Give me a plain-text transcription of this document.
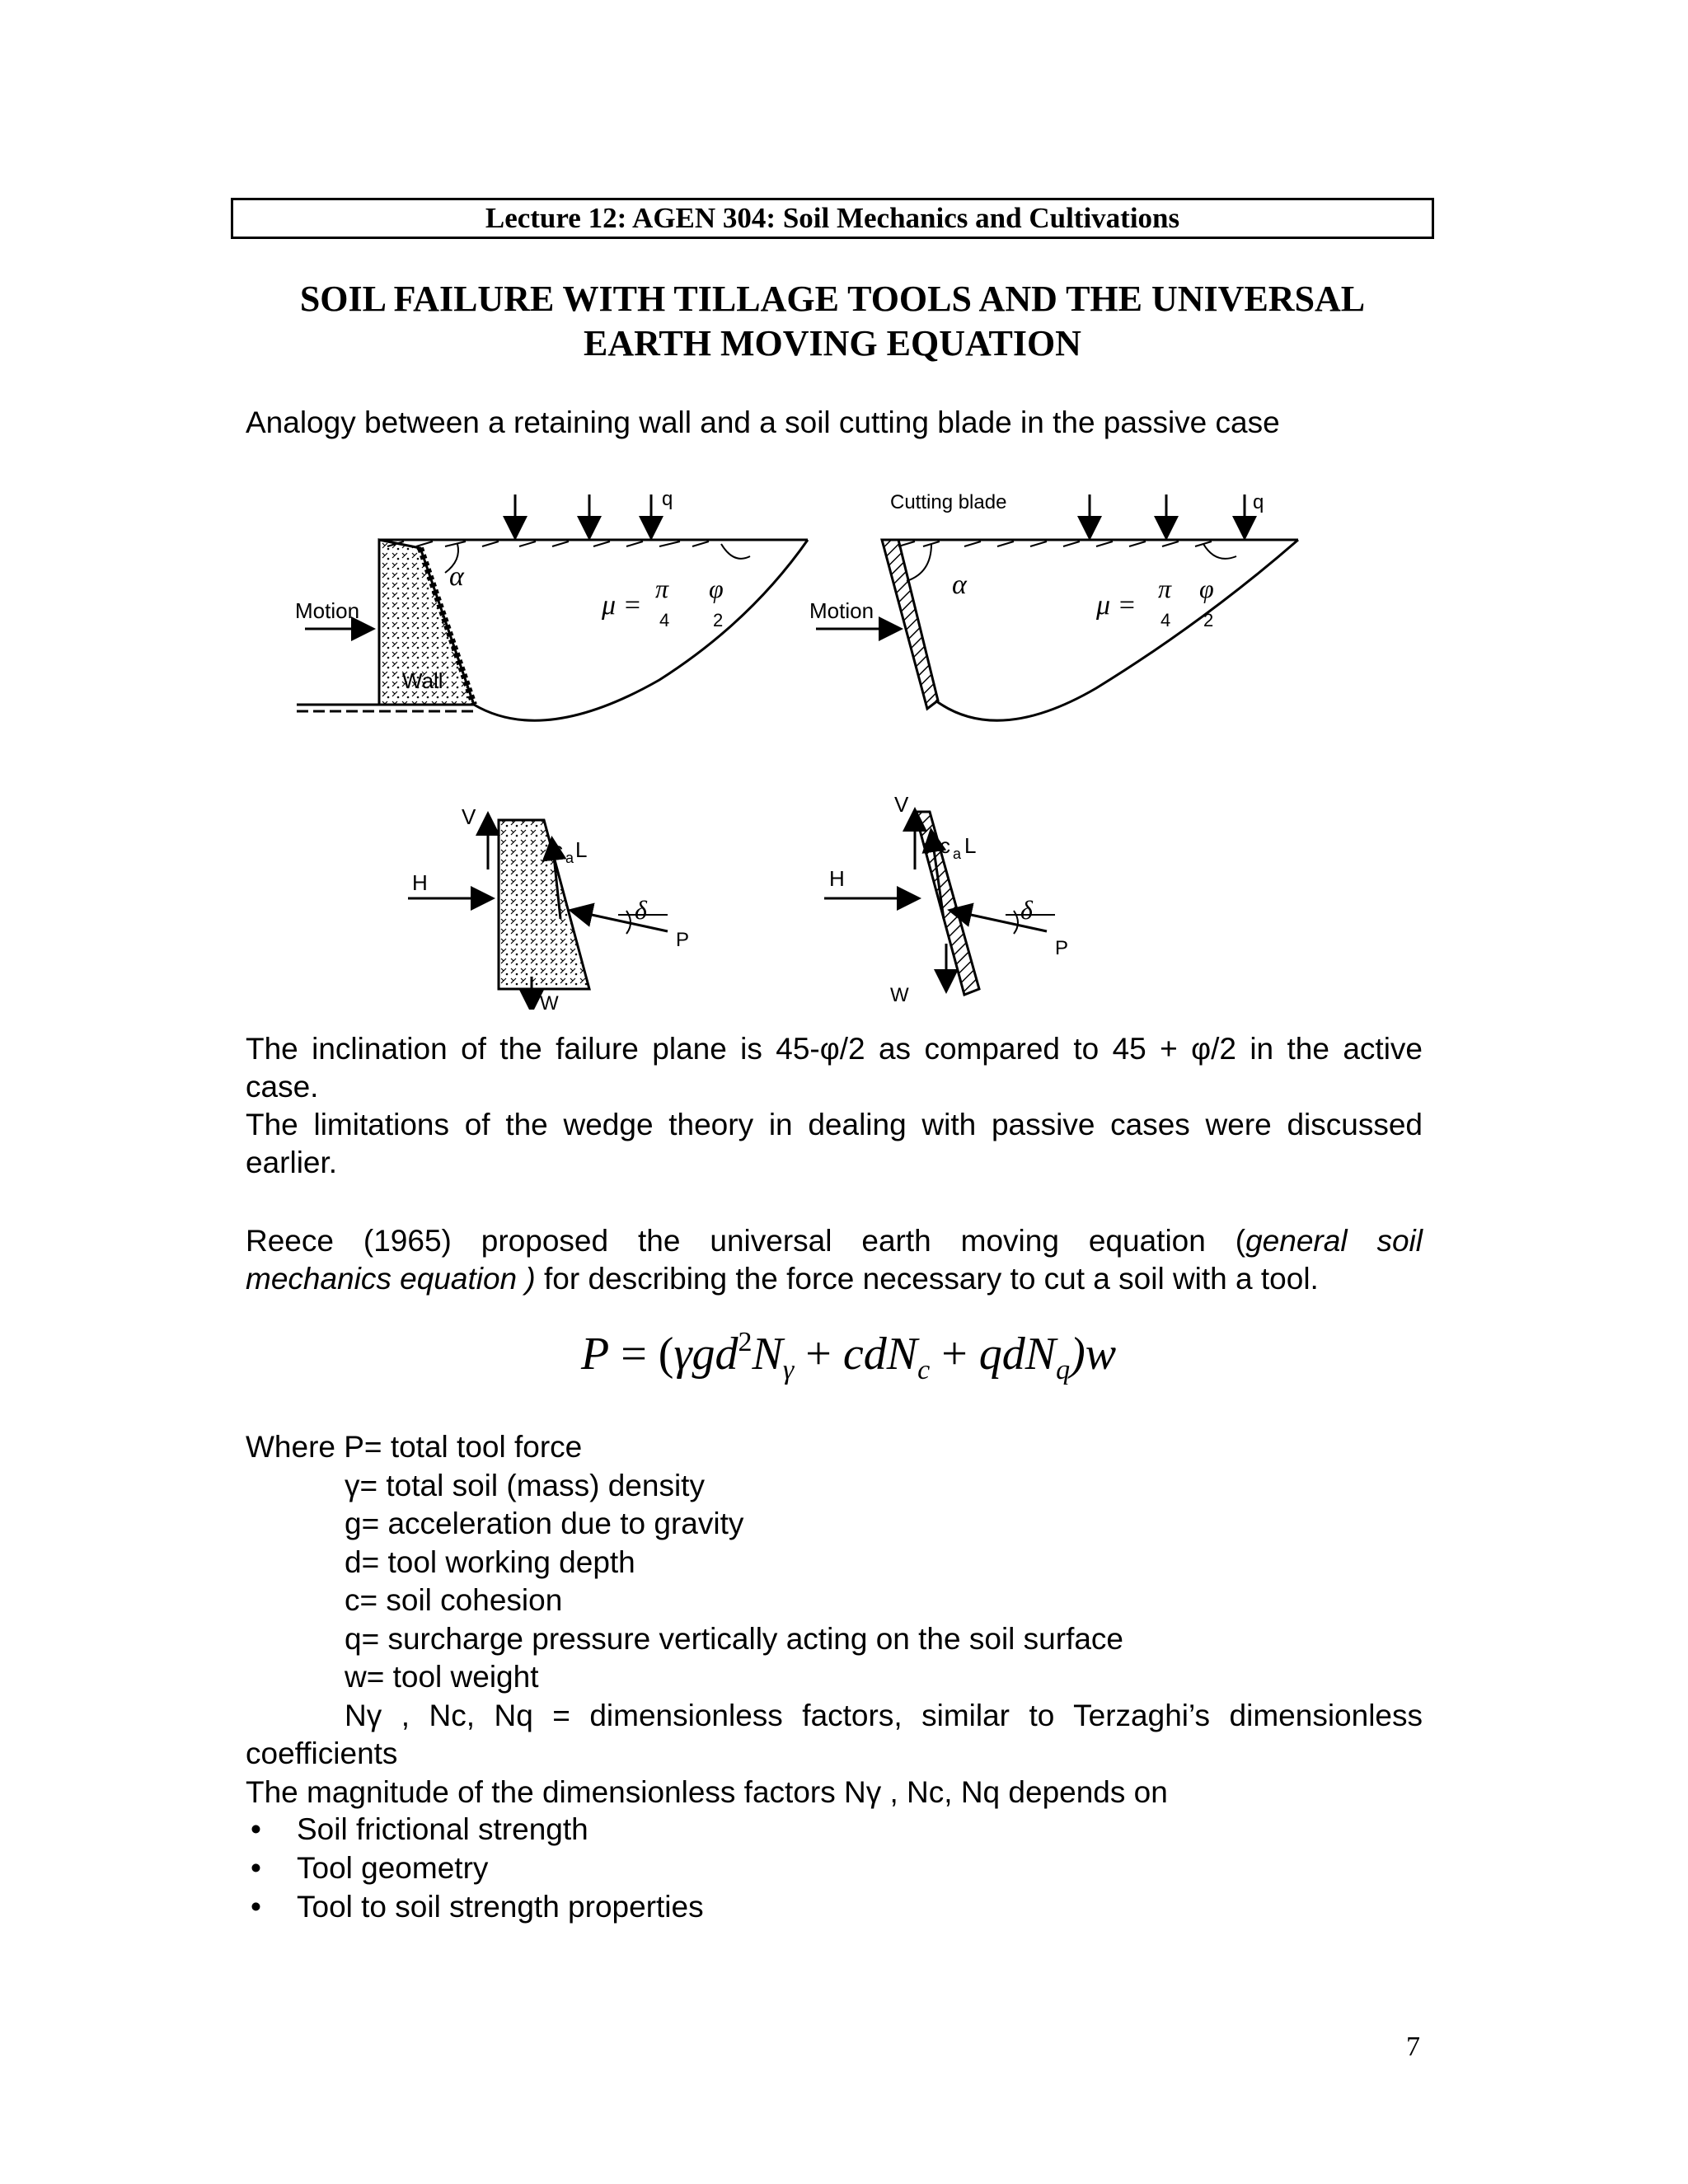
Lecture 12: AGEN 304: Soil Mechanics and Cultivations
SOIL FAILURE WITH TILLAGE TOOLS AND THE UNIVERSAL
EARTH MOVING EQUATION

Analogy between a retaining wall and a soil cutting blade in the passive case

Motion
Wall
q
α
μ =
π
4
φ
2
Cutting blade
Motion
q
α
μ =
π
4
φ
2
V
H
c a L
δ
P
W
V
H
c a L
δ
P
W

The inclination of the failure plane is 45-φ/2 as compared to 45 + φ/2 in the active
case.
The limitations of the wedge theory in dealing with passive cases were discussed
earlier.

Reece (1965) proposed the universal earth moving equation (general soil
mechanics equation ) for describing the force necessary to cut a soil with a tool.

$P = (\gamma gd^2N_\gamma + cdN_c + qdN_q)w$
Where P= total tool force
γ= total soil (mass) density
g= acceleration due to gravity
d= tool working depth
c= soil cohesion
q= surcharge pressure vertically acting on the soil surface
w= tool weight
Nγ , Nc, Nq = dimensionless factors, similar to Terzaghi’s dimensionless
coefficients
The magnitude of the dimensionless factors Nγ , Nc, Nq depends on
• Soil frictional strength
• Tool geometry
• Tool to soil strength properties
7
